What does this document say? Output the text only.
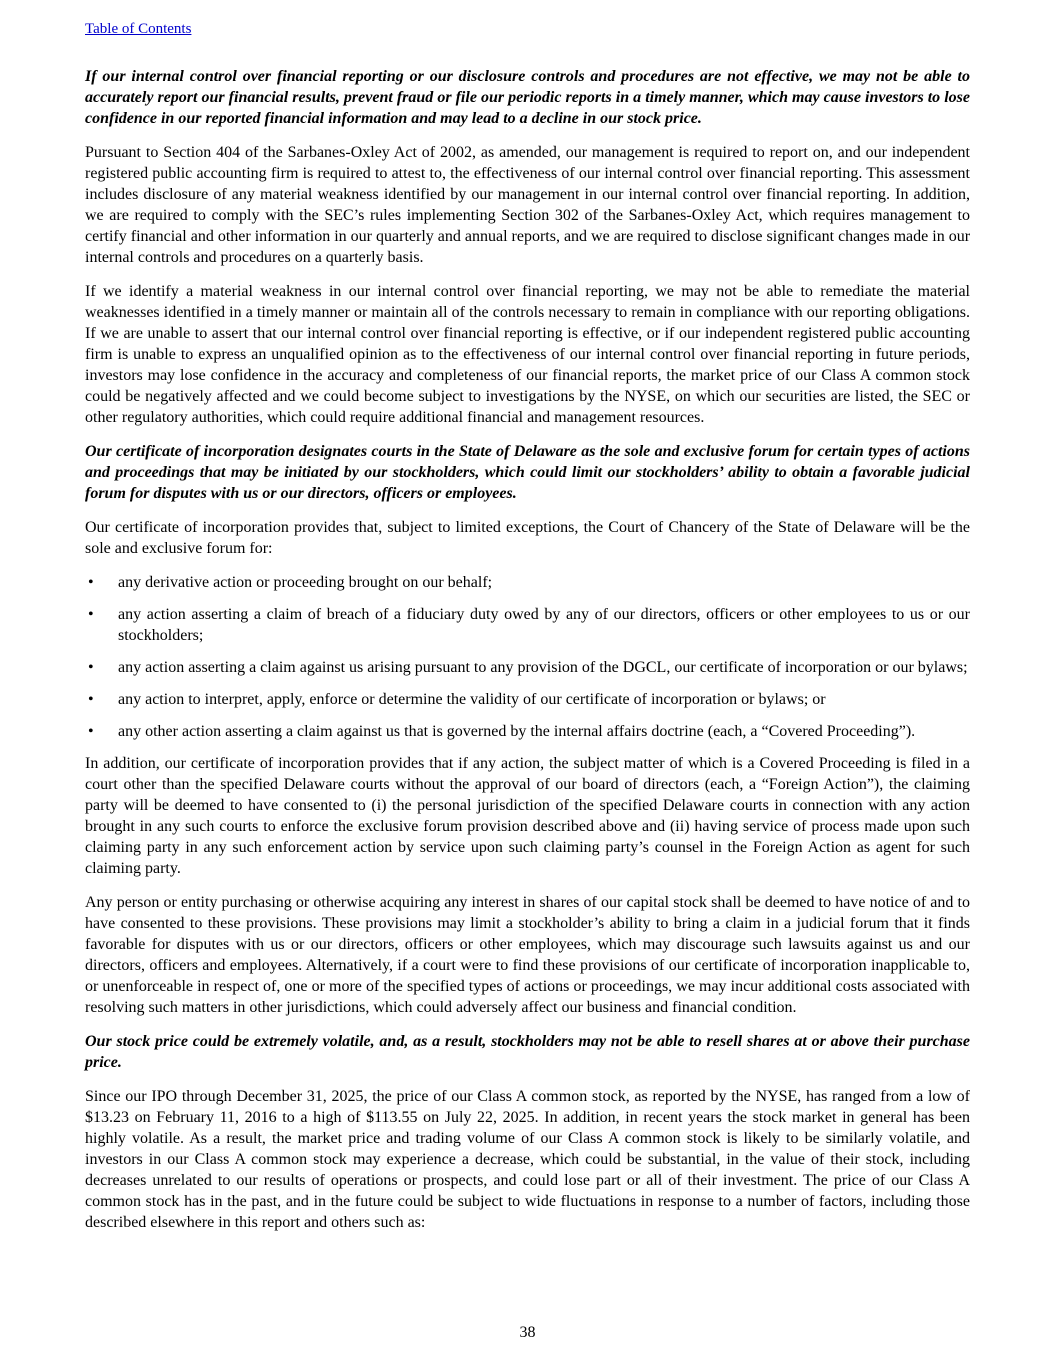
Table of Contents
If our internal control over financial reporting or our disclosure controls and procedures are not effective, we may not be able to accurately report our financial results, prevent fraud or file our periodic reports in a timely manner, which may cause investors to lose confidence in our reported financial information and may lead to a decline in our stock price.
Pursuant to Section 404 of the Sarbanes-Oxley Act of 2002, as amended, our management is required to report on, and our independent registered public accounting firm is required to attest to, the effectiveness of our internal control over financial reporting. This assessment includes disclosure of any material weakness identified by our management in our internal control over financial reporting. In addition, we are required to comply with the SEC’s rules implementing Section 302 of the Sarbanes-Oxley Act, which requires management to certify financial and other information in our quarterly and annual reports, and we are required to disclose significant changes made in our internal controls and procedures on a quarterly basis.
If we identify a material weakness in our internal control over financial reporting, we may not be able to remediate the material weaknesses identified in a timely manner or maintain all of the controls necessary to remain in compliance with our reporting obligations. If we are unable to assert that our internal control over financial reporting is effective, or if our independent registered public accounting firm is unable to express an unqualified opinion as to the effectiveness of our internal control over financial reporting in future periods, investors may lose confidence in the accuracy and completeness of our financial reports, the market price of our Class A common stock could be negatively affected and we could become subject to investigations by the NYSE, on which our securities are listed, the SEC or other regulatory authorities, which could require additional financial and management resources.
Our certificate of incorporation designates courts in the State of Delaware as the sole and exclusive forum for certain types of actions and proceedings that may be initiated by our stockholders, which could limit our stockholders’ ability to obtain a favorable judicial forum for disputes with us or our directors, officers or employees.
Our certificate of incorporation provides that, subject to limited exceptions, the Court of Chancery of the State of Delaware will be the sole and exclusive forum for:
•	any derivative action or proceeding brought on our behalf;
•	any action asserting a claim of breach of a fiduciary duty owed by any of our directors, officers or other employees to us or our stockholders;
•	any action asserting a claim against us arising pursuant to any provision of the DGCL, our certificate of incorporation or our bylaws;
•	any action to interpret, apply, enforce or determine the validity of our certificate of incorporation or bylaws; or
•	any other action asserting a claim against us that is governed by the internal affairs doctrine (each, a “Covered Proceeding”).
In addition, our certificate of incorporation provides that if any action, the subject matter of which is a Covered Proceeding is filed in a court other than the specified Delaware courts without the approval of our board of directors (each, a “Foreign Action”), the claiming party will be deemed to have consented to (i) the personal jurisdiction of the specified Delaware courts in connection with any action brought in any such courts to enforce the exclusive forum provision described above and (ii) having service of process made upon such claiming party in any such enforcement action by service upon such claiming party’s counsel in the Foreign Action as agent for such claiming party.
Any person or entity purchasing or otherwise acquiring any interest in shares of our capital stock shall be deemed to have notice of and to have consented to these provisions. These provisions may limit a stockholder’s ability to bring a claim in a judicial forum that it finds favorable for disputes with us or our directors, officers or other employees, which may discourage such lawsuits against us and our directors, officers and employees. Alternatively, if a court were to find these provisions of our certificate of incorporation inapplicable to, or unenforceable in respect of, one or more of the specified types of actions or proceedings, we may incur additional costs associated with resolving such matters in other jurisdictions, which could adversely affect our business and financial condition.
Our stock price could be extremely volatile, and, as a result, stockholders may not be able to resell shares at or above their purchase price.
Since our IPO through December 31, 2025, the price of our Class A common stock, as reported by the NYSE, has ranged from a low of $13.23 on February 11, 2016 to a high of $113.55 on July 22, 2025. In addition, in recent years the stock market in general has been highly volatile. As a result, the market price and trading volume of our Class A common stock is likely to be similarly volatile, and investors in our Class A common stock may experience a decrease, which could be substantial, in the value of their stock, including decreases unrelated to our results of operations or prospects, and could lose part or all of their investment. The price of our Class A common stock has in the past, and in the future could be subject to wide fluctuations in response to a number of factors, including those described elsewhere in this report and others such as:
38
